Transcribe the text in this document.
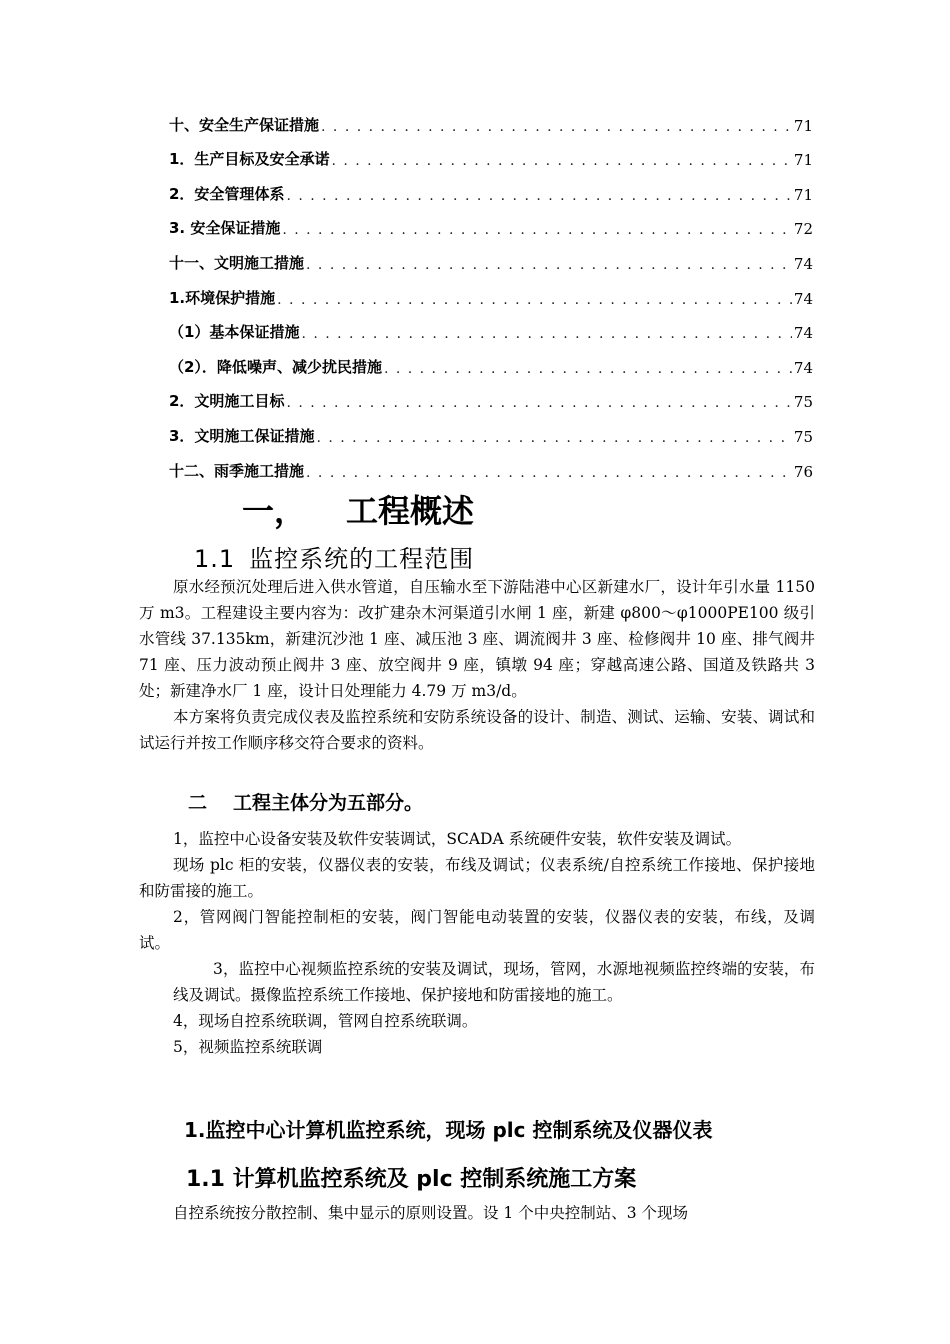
十、安全生产保证措施 . . .	71
1．生产目标及安全承诺 . . .	71
2．安全管理体系 . . .	71
3. 安全保证措施 . . .	72
十一、文明施工措施 . . .	74
1.环境保护措施 . . .	74
（1）基本保证措施 . . .	74
（2）．降低噪声、减少扰民措施 . . .	74
2．文明施工目标 . . .	75
3．文明施工保证措施 . . .	75
十二、雨季施工措施 . . .	76
一， 工程概述
1.1 监控系统的工程范围

原水经预沉处理后进入供水管道，自压输水至下游陆港中心区新建水厂，设计年引水量 1150 万 m3。工程建设主要内容为：改扩建杂木河渠道引水闸 1 座，新建 φ800～φ1000PE100 级引水管线 37.135km，新建沉沙池 1 座、减压池 3 座、调流阀井 3 座、检修阀井 10 座、排气阀井 71 座、压力波动预止阀井 3 座、放空阀井 9 座，镇墩 94 座；穿越高速公路、国道及铁路共 3 处；新建净水厂 1 座，设计日处理能力 4.79 万 m3/d。

本方案将负责完成仪表及监控系统和安防系统设备的设计、制造、测试、运输、安装、调试和试运行并按工作顺序移交符合要求的资料。

二 工程主体分为五部分。

1，监控中心设备安装及软件安装调试，SCADA 系统硬件安装，软件安装及调试。

现场 plc 柜的安装，仪器仪表的安装，布线及调试；仪表系统/自控系统工作接地、保护接地和防雷接的施工。

2，管网阀门智能控制柜的安装，阀门智能电动装置的安装，仪器仪表的安装，布线，及调试。

3，监控中心视频监控系统的安装及调试，现场，管网，水源地视频监控终端的安装，布线及调试。摄像监控系统工作接地、保护接地和防雷接地的施工。

4，现场自控系统联调，管网自控系统联调。

5，视频监控系统联调

1.监控中心计算机监控系统，现场 plc 控制系统及仪器仪表
1.1 计算机监控系统及 plc 控制系统施工方案
自控系统按分散控制、集中显示的原则设置。设 1 个中央控制站、3 个现场
